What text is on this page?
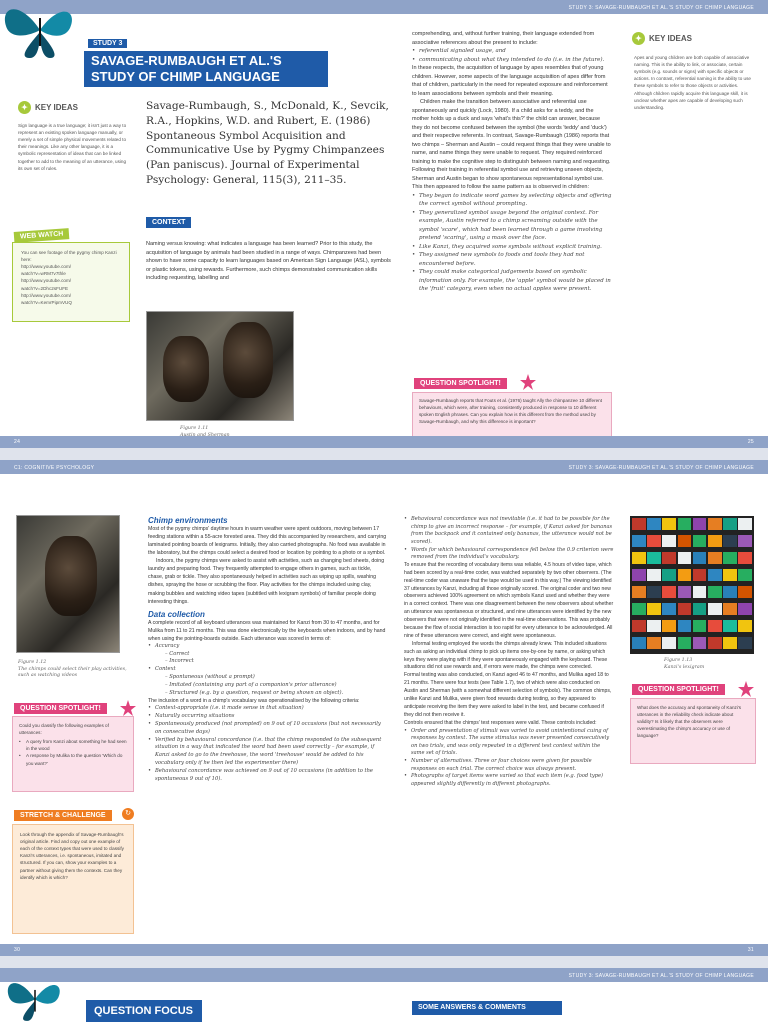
STUDY 3: SAVAGE-RUMBAUGH ET AL.'S STUDY OF CHIMP LANGUAGE
STUDY 3
SAVAGE-RUMBAUGH ET AL.'S
STUDY OF CHIMP LANGUAGE
✦ KEY IDEAS
Sign language is a true language; it isn't just a way to represent an existing spoken language manually, or merely a set of simple physical movements related to their meanings. Like any other language, it is a symbolic representation of ideas that can be linked together to add to the meaning of an utterance, using its own set of rules.
Savage-Rumbaugh, S., McDonald, K., Sevcik, R.A., Hopkins, W.D. and Rubert, E. (1986) Spontaneous Symbol Acquisition and Communicative Use by Pygmy Chimpanzees (Pan paniscus). Journal of Experimental Psychology: General, 115(3), 211–35.
WEB WATCH
You can see footage of the pygmy chimp Kanzi here:
http://www.youtube.com/
watch?v=wRM7v7thle
http://www.youtube.com/
watch?v=2Dhc2sFUFE
http://www.youtube.com/
watch?v=KemrPipmVUQ
CONTEXT
Naming versus knowing: what indicates a language has been learned? Prior to this study, the acquisition of language by animals had been studied in a range of ways. Chimpanzees had been shown to have some capacity to learn languages based on American Sign Language (ASL), symbols or plastic tokens, using rewards. Furthermore, such chimps demonstrated communication skills including requesting, labelling and
Figure 1.11

comprehending, and, without further training, their language extended from associative references about the present to include:
• referential signaled usage, and
• communicating about what they intended to do (i.e. in the future).
In these respects, the acquisition of language by apes resembles that of young children. However, some aspects of the language acquisition of apes differ from that of children, particularly in the need for repeated exposure and reinforcement to learn associations between symbols and their meaning.
Children make the transition between associative and referential use spontaneously and quickly (Lock, 1980). If a child asks for a teddy, and the mother holds up a duck and says 'what's this?' the child can answer, because they do not become confused between the symbol (the words 'teddy' and 'duck') and their respective referents. In contrast, Savage-Rumbaugh (1986) reports that two chimps – Sherman and Austin – could request things that they were unable to name, and name things they were unable to request. They required reinforced training to make the cognitive step to distinguish between naming and requesting.
Following their training in referential symbol use and retrieving unseen objects, Sherman and Austin began to show spontaneous representational symbol use. This then appeared to follow the same pattern as is observed in children:
• They began to indicate word games by selecting objects and offering the correct symbol without prompting.
• They generalized symbol usage beyond the original context. For example, Austin referred to a chimp screaming outside with the symbol 'scare', which had been learned through a game involving pretend 'scaring', using a mask over the face.
• Like Kanzi, they acquired some symbols without explicit training.
• They assigned new symbols to foods and tools they had not encountered before.
• They could make categorical judgements based on symbolic information only. For example, the 'apple' symbol would be placed in the 'fruit' category, even when no actual apples were present.
✦ KEY IDEAS
Apes and young children are both capable of associative naming. This is the ability to link, or associate, certain symbols (e.g. sounds or signs) with specific objects or actions. In contrast, referential naming is the ability to use these symbols to refer to those objects or activities. Although children rapidly acquire this language skill, it is unclear whether apes are capable of developing such understanding.
QUESTION SPOTLIGHT!
Savage-Rumbaugh reports that Fouts et al. (1976) taught Ally the chimpanzee 10 different behaviours, which were, after training, consistently produced in response to 10 different spoken English phrases. Can you explain how is this different from the method used by Savage-Rumbaugh, and why this difference is important?
24	25
C1: COGNITIVE PSYCHOLOGY	STUDY 3: SAVAGE-RUMBAUGH ET AL.'S STUDY OF CHIMP LANGUAGE
Figure 1.12
The chimps could select their play activities, such as watching videos
QUESTION SPOTLIGHT!
Could you classify the following examples of utterances:
• A query from Kanzi about something he had seen in the wood
• A response by Mulika to the question 'Which do you want?'
STRETCH & CHALLENGE	↻
Look through the appendix of Savage-Rumbaugh's original article. Find and copy out one example of each of the context types that were used to classify Kanzi's utterances, i.e. spontaneous, imitated and structured. If you can, show your examples to a partner without giving them the contexts. Can they identify which is which?
Chimp environments
Most of the pygmy chimps' daytime hours in warm weather were spent outdoors, moving between 17 feeding stations within a 55-acre forested area. They did this accompanied by researchers, and carrying laminated pointing boards of lexigrams. Initially, they also carried photographs. No food was available in the laboratory, but the chimps could select a desired food or location by pointing to a photo or a symbol.
Indoors, the pygmy chimps were asked to assist with activities, such as changing bed sheets, doing laundry and preparing food. They frequently attempted to engage others in games, such as tickle, chase, grab or tickle. They also spontaneously helped in activities such as wiping up spills, washing dishes, spraying the hose or scrubbing the floor. Play activities for the chimps included using clay, making bubbles and watching video tapes (subtitled with lexigram symbols) of familiar people doing interesting things.
Data collection
A complete record of all keyboard utterances was maintained for Kanzi from 30 to 47 months, and for Mulika from 11 to 21 months. This was done electronically by the keyboards when indoors, and by hand when using the pointing-boards outside. Each utterance was scored in terms of:
• Accuracy
– Correct
– Incorrect
• Context
– Spontaneous (without a prompt)
– Imitated (containing any part of a companion's prior utterance)
– Structured (e.g. by a question, request or being shown an object).
The inclusion of a word in a chimp's vocabulary was operationalised by the following criteria:
• Context-appropriate (i.e. it made sense in that situation)
• Naturally occurring situations
• Spontaneously produced (not prompted) on 9 out of 10 occasions (but not necessarily on consecutive days)
• Verified by behavioural concordance (i.e. that the chimp responded to the subsequent situation in a way that indicated the word had been used correctly – for example, if Kanzi asked to go to the treehouse, the word 'treehouse' would be added to his vocabulary only if he then led the experimenter there)
• Behavioural concordance was achieved on 9 out of 10 occasions (in addition to the spontaneous 9 out of 10).
• Behavioural concordance was not inevitable (i.e. it had to be possible for the chimp to give an incorrect response – for example, if Kanzi asked for bananas from the backpack and it contained only bananas, the utterance would not be scored).
• Words for which behavioural correspondence fell below the 0.9 criterion were removed from the individual's vocabulary.
To ensure that the recording of vocabulary items was reliable, 4.5 hours of video tape, which had been scored by a real-time coder, was watched separately by two other observers. (The real-time coder was unaware that the tape would be used in this way.) The viewing identified 37 utterances by Kanzi, including all those originally scored. The original coder and two new observers achieved 100% agreement on which symbols Kanzi used and whether they were in a correct context. There was one disagreement between the new observers about whether an utterance was spontaneous or structured, and nine utterances were identified by the new observers that were not originally identified in the real-time observations. This was probably because the flow of social interaction is too rapid for every utterance to be acknowledged. All nine of these utterances were correct, and eight were spontaneous.
Informal testing employed the words the chimps already knew. This included situations such as asking an individual chimp to pick up items one-by-one by name, or asking which keys they were playing with if they were spontaneously engaged with the keyboard. These situations did not use rewards and, if errors were made, the chimps were corrected.
Formal testing was also conducted, on Kanzi aged 46 to 47 months, and Mulika aged 18 to 21 months. There were four tests (see Table 1.7), two of which were also conducted on Austin and Sherman (with a somewhat different selection of symbols). The common chimps, unlike Kanzi and Mulika, were given food rewards during testing, so they appeared to anticipate receiving the item they were asked to label in the test, and became confused if they did not then receive it.
Controls ensured that the chimps' test responses were valid. These controls included:
• Order and presentation of stimuli was varied to avoid unintentional cuing of responses by context. The same stimulus was never presented consecutively on two trials, and was only repeated in a different test context within the same set of trials.
• Number of alternatives. Three or four choices were given for possible responses on each trial. The correct choice was always present.
• Photographs of target items were varied so that each item (e.g. food type) appeared slightly differently in different photographs.
Figure 1.13
Kanzi's lexigram
QUESTION SPOTLIGHT!
What does the accuracy and spontaneity of Kanzi's utterances in the reliability check indicate about validity? Is it likely that the observers were overestimating the chimp's accuracy or use of language?
30	31
STUDY 3: SAVAGE-RUMBAUGH ET AL.'S STUDY OF CHIMP LANGUAGE
QUESTION FOCUS	SOME ANSWERS & COMMENTS
